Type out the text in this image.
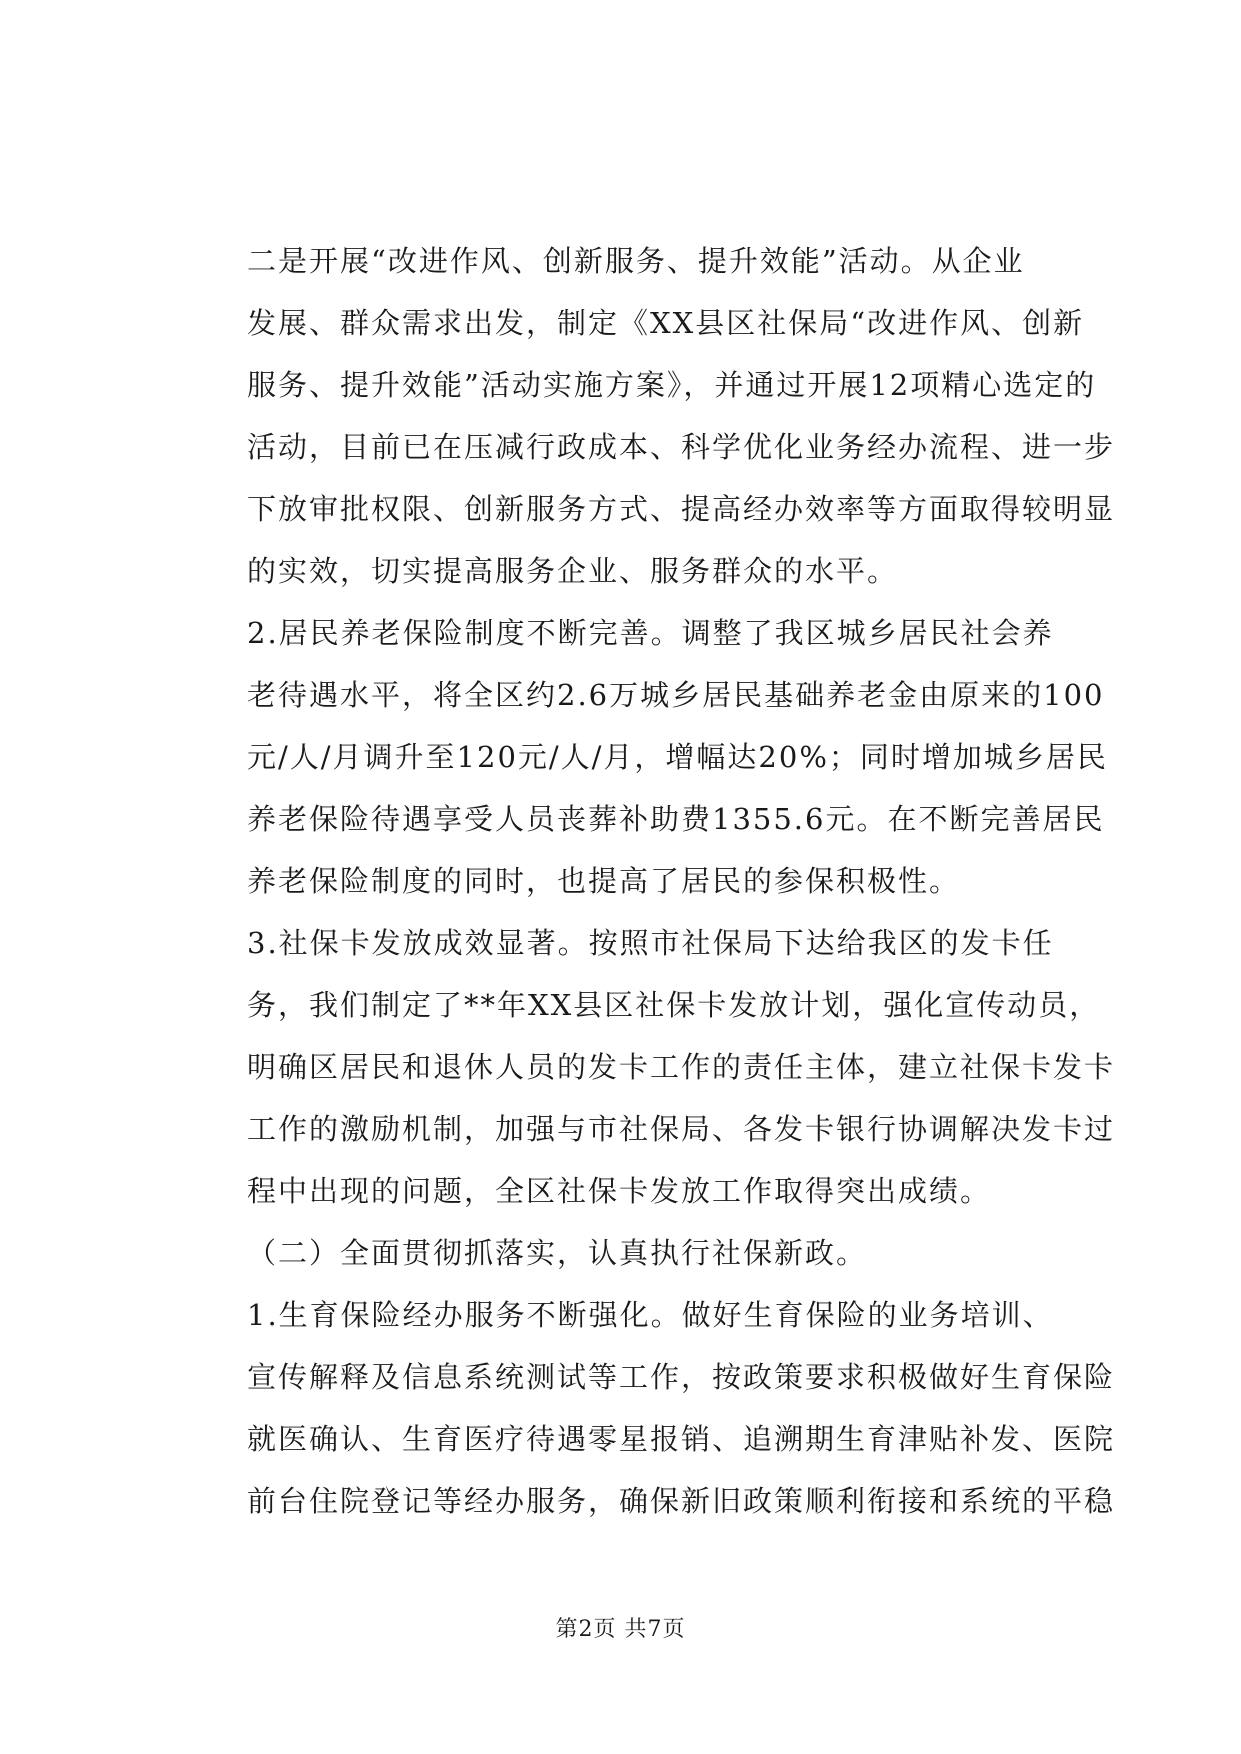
二是开展“改进作风、创新服务、提升效能”活动。从企业
发展、群众需求出发，制定《XX县区社保局“改进作风、创新
服务、提升效能”活动实施方案》，并通过开展12项精心选定的
活动，目前已在压减行政成本、科学优化业务经办流程、进一步
下放审批权限、创新服务方式、提高经办效率等方面取得较明显
的实效，切实提高服务企业、服务群众的水平。

2.居民养老保险制度不断完善。调整了我区城乡居民社会养
老待遇水平，将全区约2.6万城乡居民基础养老金由原来的100
元/人/月调升至120元/人/月，增幅达20%；同时增加城乡居民
养老保险待遇享受人员丧葬补助费1355.6元。在不断完善居民
养老保险制度的同时，也提高了居民的参保积极性。

3.社保卡发放成效显著。按照市社保局下达给我区的发卡任
务，我们制定了**年XX县区社保卡发放计划，强化宣传动员，
明确区居民和退休人员的发卡工作的责任主体，建立社保卡发卡
工作的激励机制，加强与市社保局、各发卡银行协调解决发卡过
程中出现的问题，全区社保卡发放工作取得突出成绩。

（二）全面贯彻抓落实，认真执行社保新政。

1.生育保险经办服务不断强化。做好生育保险的业务培训、
宣传解释及信息系统测试等工作，按政策要求积极做好生育保险
就医确认、生育医疗待遇零星报销、追溯期生育津贴补发、医院
前台住院登记等经办服务，确保新旧政策顺利衔接和系统的平稳

第2页 共7页
